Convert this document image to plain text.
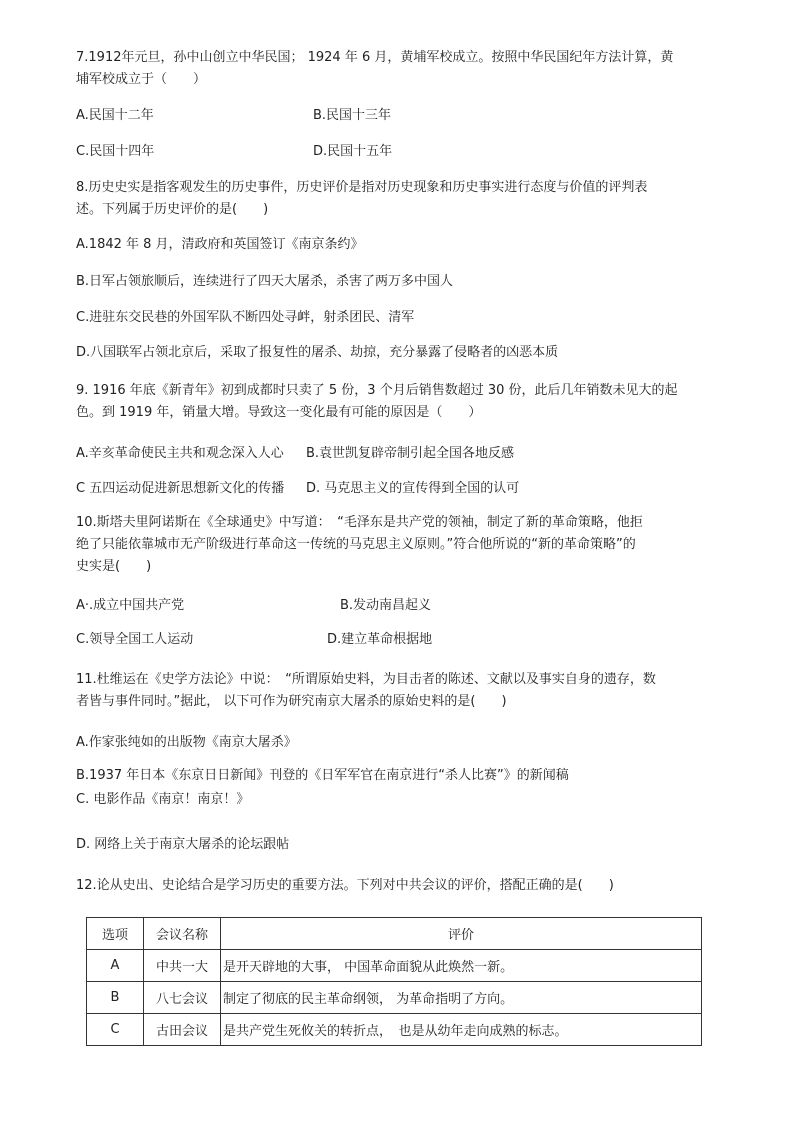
7.1912年元旦，孙中山创立中华民国； 1924 年 6 月，黄埔军校成立。按照中华民国纪年方法计算，黄
埔军校成立于（　　）
A.民国十二年	B.民国十三年
C.民国十四年	D.民国十五年
8.历史史实是指客观发生的历史事件，历史评价是指对历史现象和历史事实进行态度与价值的评判表
述。下列属于历史评价的是(　　)
A.1842 年 8 月，清政府和英国签订《南京条约》
B.日军占领旅顺后，连续进行了四天大屠杀，杀害了两万多中国人
C.进驻东交民巷的外国军队不断四处寻衅，射杀团民、清军
D.八国联军占领北京后，采取了报复性的屠杀、劫掠，充分暴露了侵略者的凶恶本质
9. 1916 年底《新青年》初到成都时只卖了 5 份，3 个月后销售数超过 30 份，此后几年销数未见大的起
色。到 1919 年，销量大增。导致这一变化最有可能的原因是（　　）
A.辛亥革命使民主共和观念深入人心 B.袁世凯复辟帝制引起全国各地反感
C 五四运动促进新思想新文化的传播 D. 马克思主义的宣传得到全国的认可
10.斯塔夫里阿诺斯在《全球通史》中写道：　“毛泽东是共产党的领袖，制定了新的革命策略，他拒
绝了只能依靠城市无产阶级进行革命这一传统的马克思主义原则。”符合他所说的“新的革命策略”的
史实是(　　)
A·.成立中国共产党	B.发动南昌起义
C.领导全国工人运动	D.建立革命根据地
11.杜维运在《史学方法论》中说：　“所谓原始史料，为目击者的陈述、文献以及事实自身的遗存，数
者皆与事件同时。”据此， 以下可作为研究南京大屠杀的原始史料的是(　　)
A.作家张纯如的出版物《南京大屠杀》
B.1937 年日本《东京日日新闻》刊登的《日军军官在南京进行“杀人比赛”》的新闻稿
C. 电影作品《南京！南京！》
D. 网络上关于南京大屠杀的论坛跟帖
12.论从史出、史论结合是学习历史的重要方法。下列对中共会议的评价，搭配正确的是(　　)
选项	会议名称	评价
A	中共一大	是开天辟地的大事， 中国革命面貌从此焕然一新。
B	八七会议	制定了彻底的民主革命纲领， 为革命指明了方向。
C	古田会议	是共产党生死攸关的转折点，　也是从幼年走向成熟的标志。
